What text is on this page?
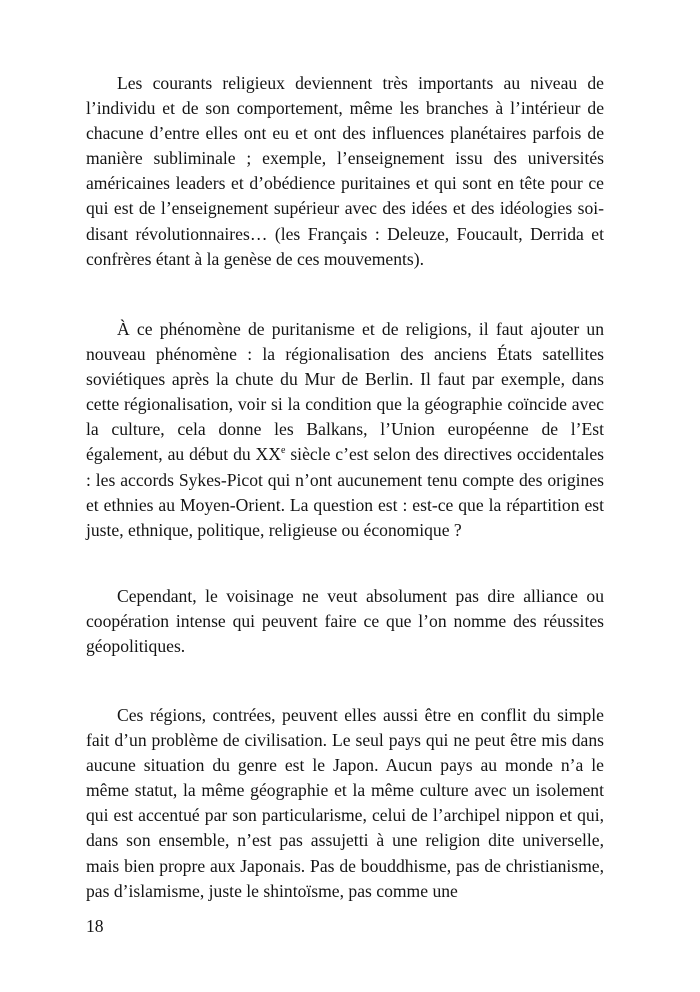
Les courants religieux deviennent très importants au niveau de l’individu et de son comportement, même les branches à l’intérieur de chacune d’entre elles ont eu et ont des influences planétaires parfois de manière subliminale ; exemple, l’enseignement issu des universités américaines leaders et d’obédience puritaines et qui sont en tête pour ce qui est de l’enseignement supérieur avec des idées et des idéologies soi-disant révolutionnaires… (les Français : Deleuze, Foucault, Derrida et confrères étant à la genèse de ces mouvements).

À ce phénomène de puritanisme et de religions, il faut ajouter un nouveau phénomène : la régionalisation des anciens États satellites soviétiques après la chute du Mur de Berlin. Il faut par exemple, dans cette régionalisation, voir si la condition que la géographie coïncide avec la culture, cela donne les Balkans, l’Union européenne de l’Est également, au début du XXe siècle c’est selon des directives occidentales : les accords Sykes-Picot qui n’ont aucunement tenu compte des origines et ethnies au Moyen-Orient. La question est : est-ce que la répartition est juste, ethnique, politique, religieuse ou économique ?

Cependant, le voisinage ne veut absolument pas dire alliance ou coopération intense qui peuvent faire ce que l’on nomme des réussites géopolitiques.

Ces régions, contrées, peuvent elles aussi être en conflit du simple fait d’un problème de civilisation. Le seul pays qui ne peut être mis dans aucune situation du genre est le Japon. Aucun pays au monde n’a le même statut, la même géographie et la même culture avec un isolement qui est accentué par son particularisme, celui de l’archipel nippon et qui, dans son ensemble, n’est pas assujetti à une religion dite universelle, mais bien propre aux Japonais. Pas de bouddhisme, pas de christianisme, pas d’islamisme, juste le shintoïsme, pas comme une

18
